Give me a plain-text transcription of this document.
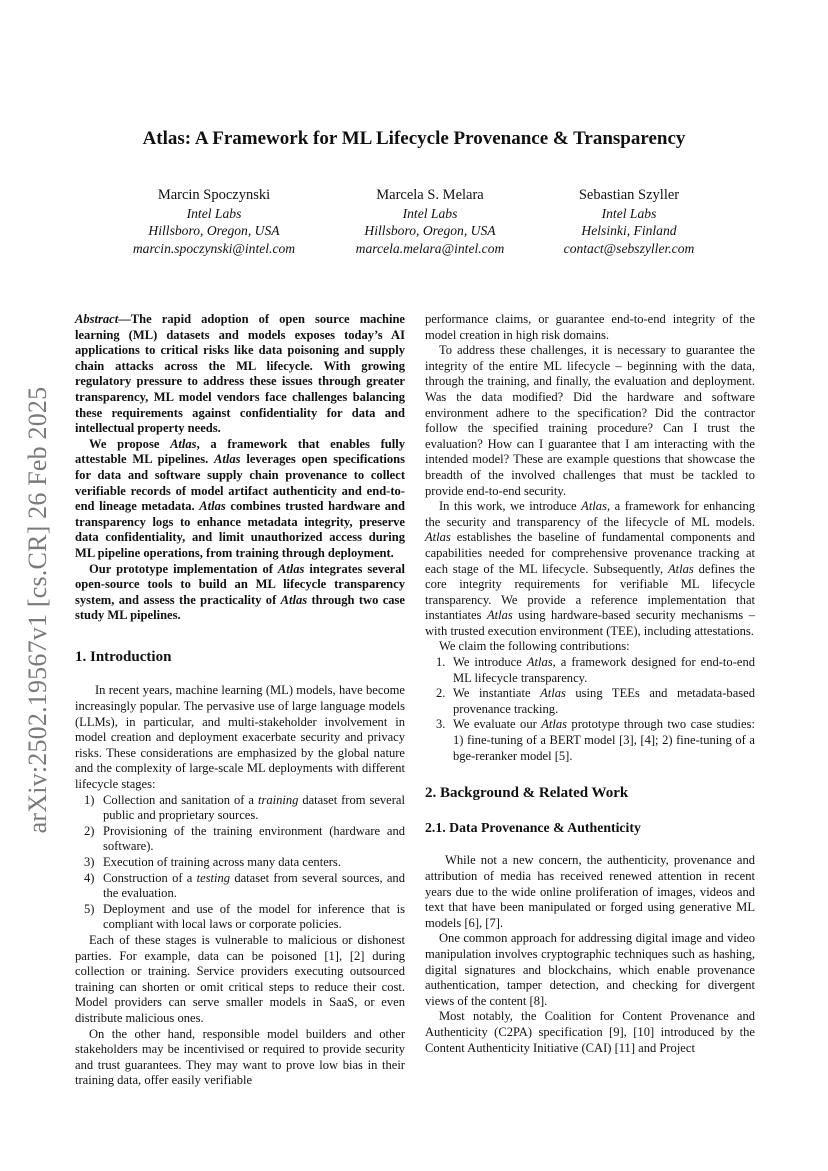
arXiv:2502.19567v1 [cs.CR] 26 Feb 2025
Atlas: A Framework for ML Lifecycle Provenance & Transparency
Marcin Spoczynski
Intel Labs
Hillsboro, Oregon, USA
marcin.spoczynski@intel.com
Marcela S. Melara
Intel Labs
Hillsboro, Oregon, USA
marcela.melara@intel.com
Sebastian Szyller
Intel Labs
Helsinki, Finland
contact@sebszyller.com

Abstract—The rapid adoption of open source machine learning (ML) datasets and models exposes today’s AI applications to critical risks like data poisoning and supply chain attacks across the ML lifecycle. With growing regulatory pressure to address these issues through greater transparency, ML model vendors face challenges balancing these requirements against confidentiality for data and intellectual property needs.

We propose Atlas, a framework that enables fully attestable ML pipelines. Atlas leverages open specifications for data and software supply chain provenance to collect verifiable records of model artifact authenticity and end-to-end lineage metadata. Atlas combines trusted hardware and transparency logs to enhance metadata integrity, preserve data confidentiality, and limit unauthorized access during ML pipeline operations, from training through deployment.

Our prototype implementation of Atlas integrates several open-source tools to build an ML lifecycle transparency system, and assess the practicality of Atlas through two case study ML pipelines.

1. Introduction

In recent years, machine learning (ML) models, have become increasingly popular. The pervasive use of large language models (LLMs), in particular, and multi-stakeholder involvement in model creation and deployment exacerbate security and privacy risks. These considerations are emphasized by the global nature and the complexity of large-scale ML deployments with different lifecycle stages:

1) Collection and sanitation of a training dataset from several public and proprietary sources.
2) Provisioning of the training environment (hardware and software).
3) Execution of training across many data centers.
4) Construction of a testing dataset from several sources, and the evaluation.
5) Deployment and use of the model for inference that is compliant with local laws or corporate policies.

Each of these stages is vulnerable to malicious or dishonest parties. For example, data can be poisoned [1], [2] during collection or training. Service providers executing outsourced training can shorten or omit critical steps to reduce their cost. Model providers can serve smaller models in SaaS, or even distribute malicious ones.

On the other hand, responsible model builders and other stakeholders may be incentivised or required to provide security and trust guarantees. They may want to prove low bias in their training data, offer easily verifiable

performance claims, or guarantee end-to-end integrity of the model creation in high risk domains.

To address these challenges, it is necessary to guarantee the integrity of the entire ML lifecycle – beginning with the data, through the training, and finally, the evaluation and deployment. Was the data modified? Did the hardware and software environment adhere to the specification? Did the contractor follow the specified training procedure? Can I trust the evaluation? How can I guarantee that I am interacting with the intended model? These are example questions that showcase the breadth of the involved challenges that must be tackled to provide end-to-end security.

In this work, we introduce Atlas, a framework for enhancing the security and transparency of the lifecycle of ML models. Atlas establishes the baseline of fundamental components and capabilities needed for comprehensive provenance tracking at each stage of the ML lifecycle. Subsequently, Atlas defines the core integrity requirements for verifiable ML lifecycle transparency. We provide a reference implementation that instantiates Atlas using hardware-based security mechanisms – with trusted execution environment (TEE), including attestations.

We claim the following contributions:

1. We introduce Atlas, a framework designed for end-to-end ML lifecycle transparency.
2. We instantiate Atlas using TEEs and metadata-based provenance tracking.
3. We evaluate our Atlas prototype through two case studies: 1) fine-tuning of a BERT model [3], [4]; 2) fine-tuning of a bge-reranker model [5].
2. Background & Related Work
2.1. Data Provenance & Authenticity

While not a new concern, the authenticity, provenance and attribution of media has received renewed attention in recent years due to the wide online proliferation of images, videos and text that have been manipulated or forged using generative ML models [6], [7].

One common approach for addressing digital image and video manipulation involves cryptographic techniques such as hashing, digital signatures and blockchains, which enable provenance authentication, tamper detection, and checking for divergent views of the content [8].

Most notably, the Coalition for Content Provenance and Authenticity (C2PA) specification [9], [10] introduced by the Content Authenticity Initiative (CAI) [11] and Project
